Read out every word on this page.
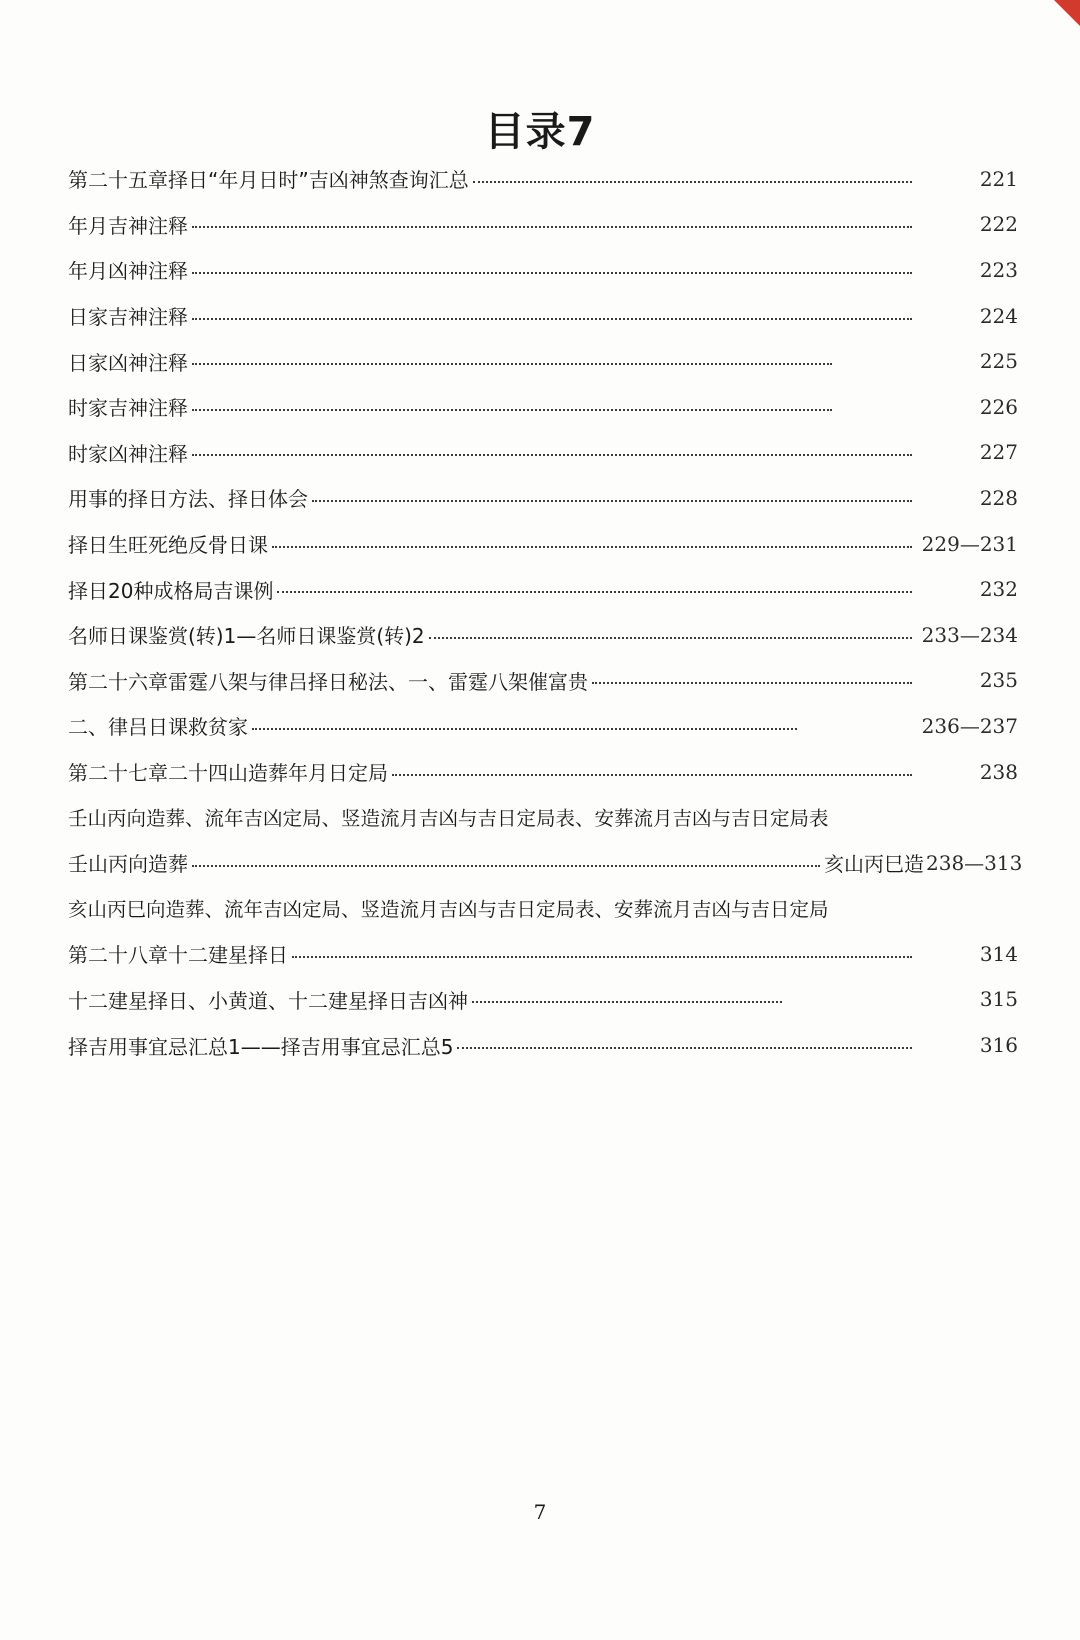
目录7
第二十五章择日“年月日时”吉凶神煞查询汇总	221
年月吉神注释	222
年月凶神注释	223
日家吉神注释	224
日家凶神注释	225
时家吉神注释	226
时家凶神注释	227
用事的择日方法、择日体会	228
择日生旺死绝反骨日课	229—231
择日20种成格局吉课例	232
名师日课鉴赏(转)1—名师日课鉴赏(转)2	233—234
第二十六章雷霆八架与律吕择日秘法、一、雷霆八架催富贵	235
二、律吕日课救贫家	236—237
第二十七章二十四山造葬年月日定局	238
壬山丙向造葬、流年吉凶定局、竖造流月吉凶与吉日定局表、安葬流月吉凶与吉日定局表
壬山丙向造葬	亥山丙巳造 238—313
亥山丙巳向造葬、流年吉凶定局、竖造流月吉凶与吉日定局表、安葬流月吉凶与吉日定局
第二十八章十二建星择日	314
十二建星择日、小黄道、十二建星择日吉凶神	315
择吉用事宜忌汇总1——择吉用事宜忌汇总5	316
7
